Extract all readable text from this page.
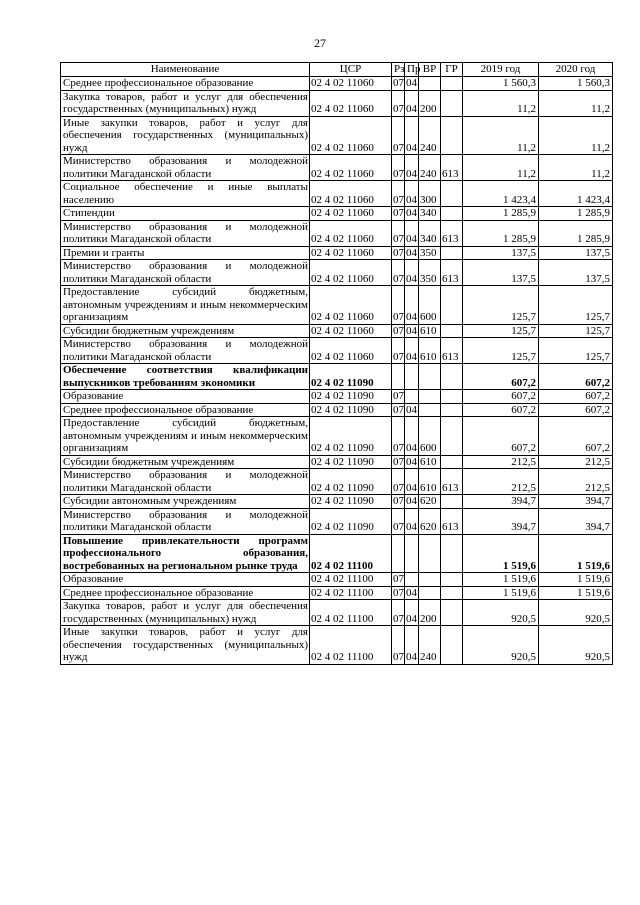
27
Наименование	ЦСР	Рз	Пр	ВР	ГР	2019 год	2020 год

Среднее профессиональное образование	02 4 02 11060	07	04			1 560,3	1 560,3

Закупка товаров, работ и услуг для обеспечения государственных (муниципальных) нужд	02 4 02 11060	07	04	200		11,2	11,2

Иные закупки товаров, работ и услуг для обеспечения государственных (муниципальных) нужд	02 4 02 11060	07	04	240		11,2	11,2

Министерство образования и молодежной политики Магаданской области	02 4 02 11060	07	04	240	613	11,2	11,2

Социальное обеспечение и иные выплаты населению	02 4 02 11060	07	04	300		1 423,4	1 423,4

Стипендии	02 4 02 11060	07	04	340		1 285,9	1 285,9

Министерство образования и молодежной политики Магаданской области	02 4 02 11060	07	04	340	613	1 285,9	1 285,9

Премии и гранты	02 4 02 11060	07	04	350		137,5	137,5

Министерство образования и молодежной политики Магаданской области	02 4 02 11060	07	04	350	613	137,5	137,5

Предоставление субсидий бюджетным, автономным учреждениям и иным некоммерческим организациям	02 4 02 11060	07	04	600		125,7	125,7

Субсидии бюджетным учреждениям	02 4 02 11060	07	04	610		125,7	125,7

Министерство образования и молодежной политики Магаданской области	02 4 02 11060	07	04	610	613	125,7	125,7

Обеспечение соответствия квалификации выпускников требованиям экономики	02 4 02 11090					607,2	607,2

Образование	02 4 02 11090	07				607,2	607,2

Среднее профессиональное образование	02 4 02 11090	07	04			607,2	607,2

Предоставление субсидий бюджетным, автономным учреждениям и иным некоммерческим организациям	02 4 02 11090	07	04	600		607,2	607,2

Субсидии бюджетным учреждениям	02 4 02 11090	07	04	610		212,5	212,5

Министерство образования и молодежной политики Магаданской области	02 4 02 11090	07	04	610	613	212,5	212,5

Субсидии автономным учреждениям	02 4 02 11090	07	04	620		394,7	394,7

Министерство образования и молодежной политики Магаданской области	02 4 02 11090	07	04	620	613	394,7	394,7

Повышение привлекательности программ профессионального образования, востребованных на региональном рынке труда	02 4 02 11100					1 519,6	1 519,6

Образование	02 4 02 11100	07				1 519,6	1 519,6

Среднее профессиональное образование	02 4 02 11100	07	04			1 519,6	1 519,6

Закупка товаров, работ и услуг для обеспечения государственных (муниципальных) нужд	02 4 02 11100	07	04	200		920,5	920,5

Иные закупки товаров, работ и услуг для обеспечения государственных (муниципальных) нужд	02 4 02 11100	07	04	240		920,5	920,5
